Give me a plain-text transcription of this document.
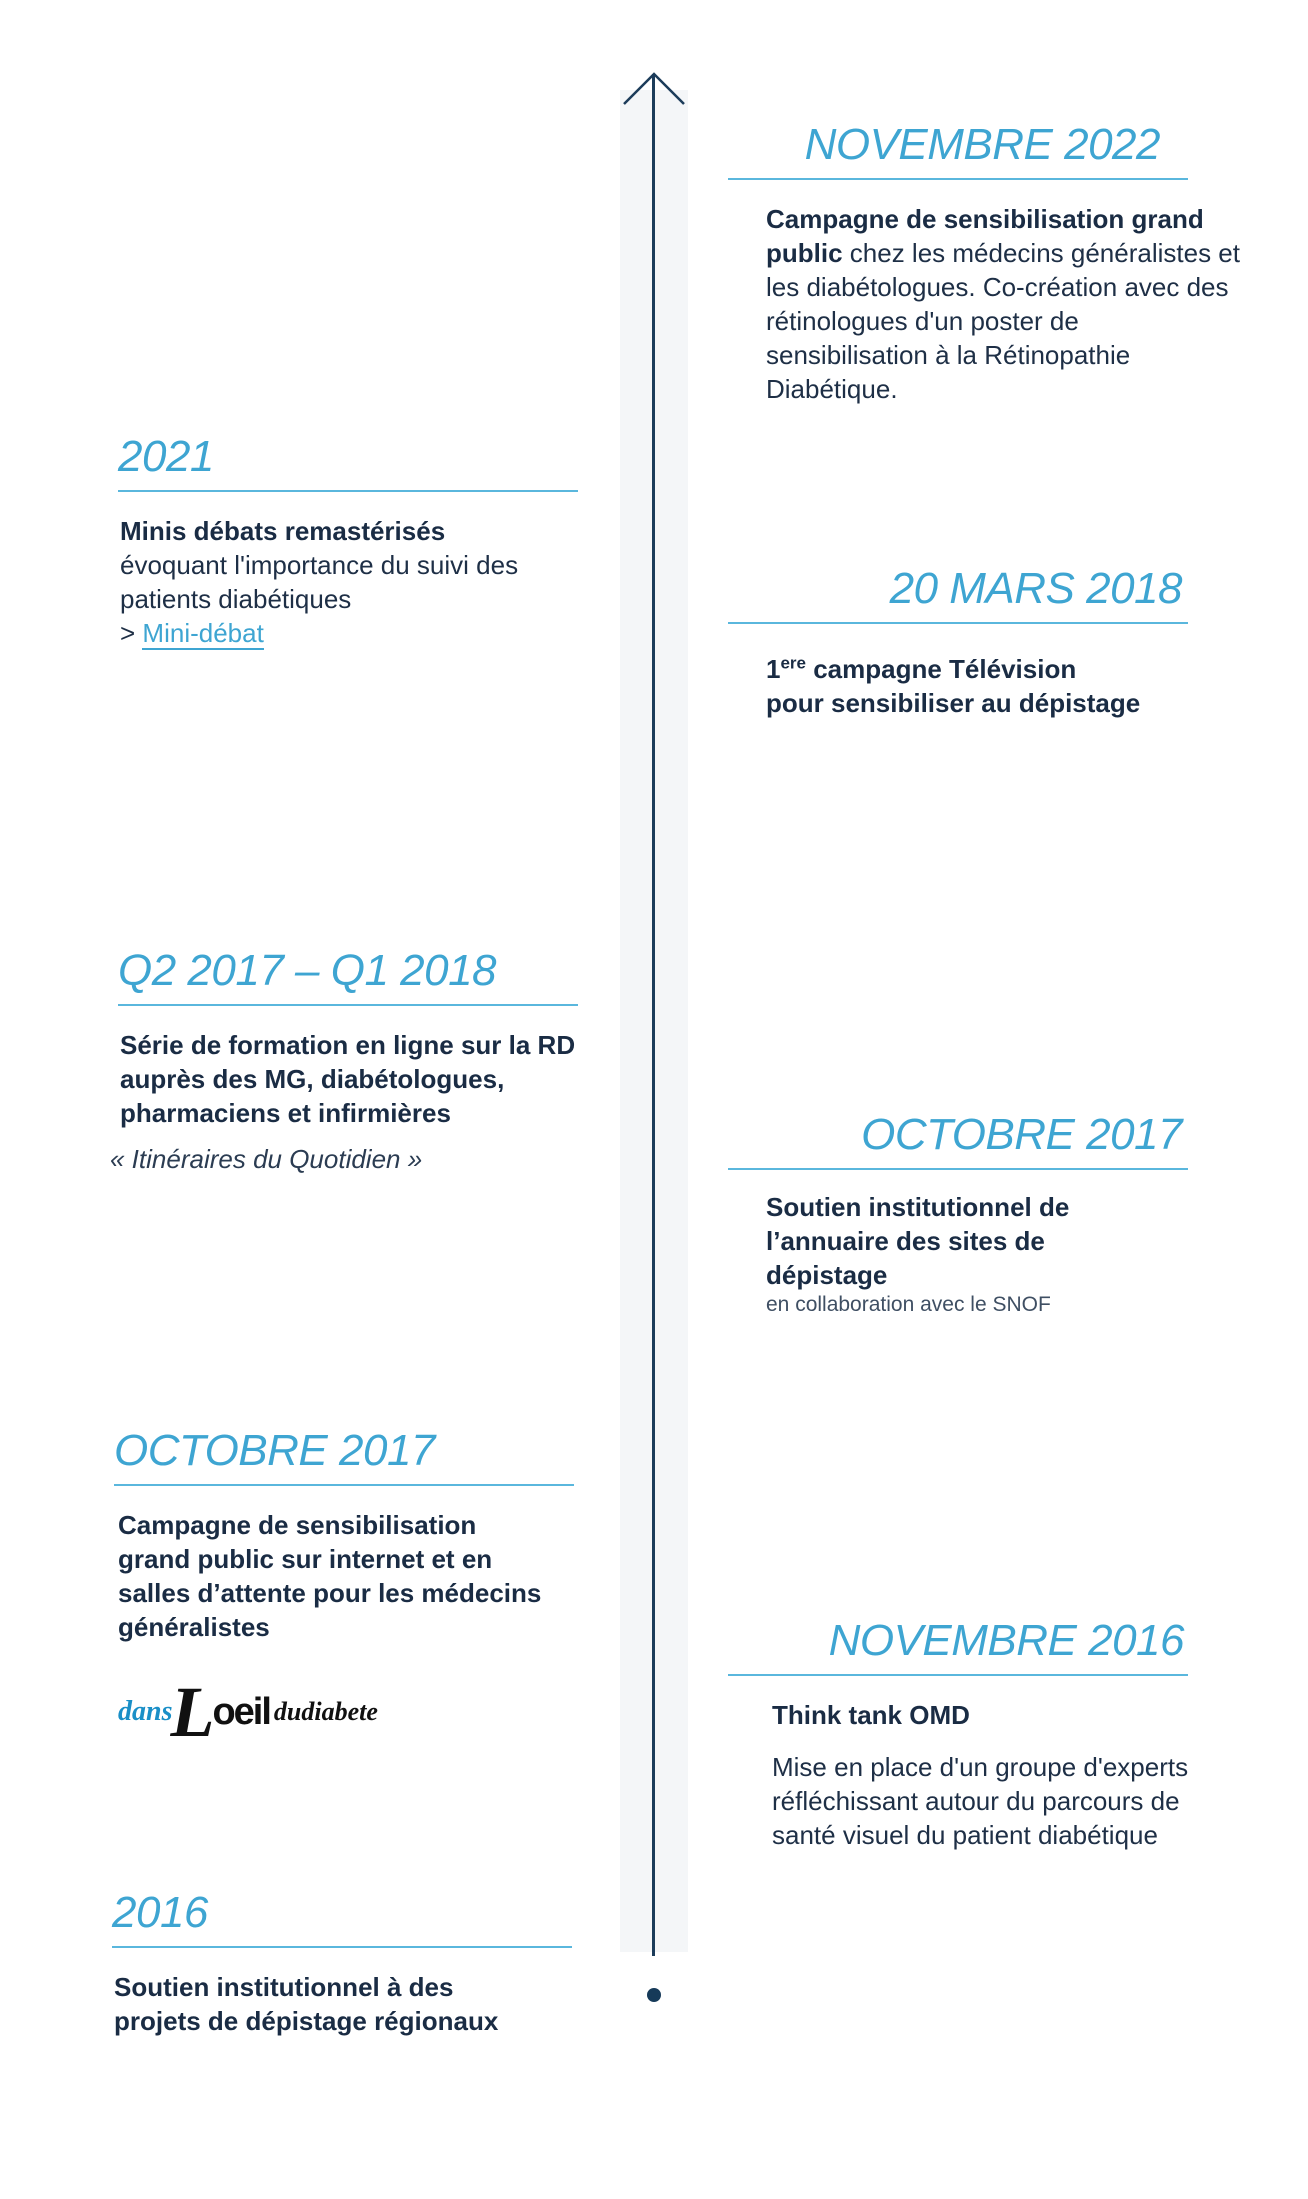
NOVEMBRE 2022
Campagne de sensibilisation grand public chez les médecins généralistes et les diabétologues. Co-création avec des rétinologues d'un poster de sensibilisation à la Rétinopathie Diabétique.
20 MARS 2018
1ere campagne Télévision
pour sensibiliser au dépistage
OCTOBRE 2017
Soutien institutionnel de l’annuaire des sites de dépistage
en collaboration avec le SNOF
NOVEMBRE 2016
Think tank OMD
Mise en place d'un groupe d'experts réfléchissant autour du parcours de santé visuel du patient diabétique
2021
Minis débats remastérisés
évoquant l'importance du suivi des patients diabétiques
> Mini-débat
Q2 2017 – Q1 2018
Série de formation en ligne sur la RD auprès des MG, diabétologues, pharmaciens et infirmières
« Itinéraires du Quotidien »
OCTOBRE 2017
Campagne de sensibilisation grand public sur internet et en salles d’attente pour les médecins généralistes
dans
L
oeil dudiabete
2016
Soutien institutionnel à des projets de dépistage régionaux
